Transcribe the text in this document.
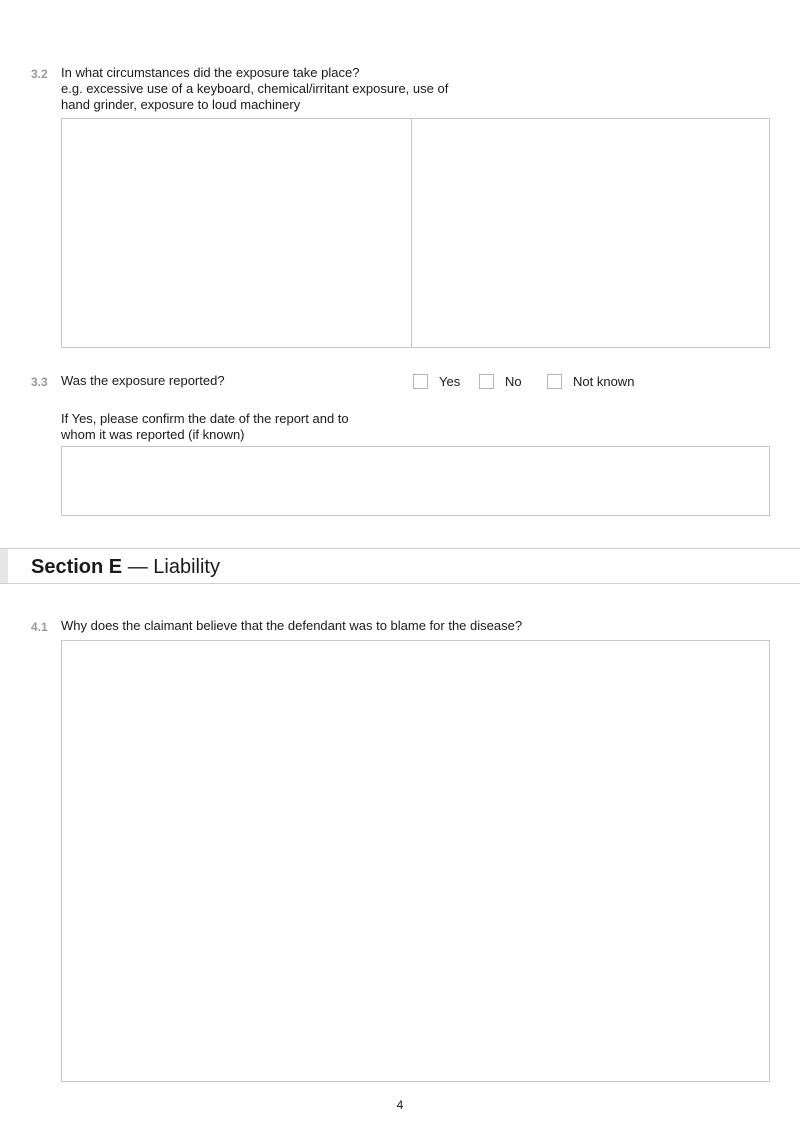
3.2 In what circumstances did the exposure take place?
e.g. excessive use of a keyboard, chemical/irritant exposure, use of
hand grinder, exposure to loud machinery
3.3 Was the exposure reported?	Yes	No	Not known
If Yes, please confirm the date of the report and to
whom it was reported (if known)
Section E — Liability
4.1 Why does the claimant believe that the defendant was to blame for the disease?
4
